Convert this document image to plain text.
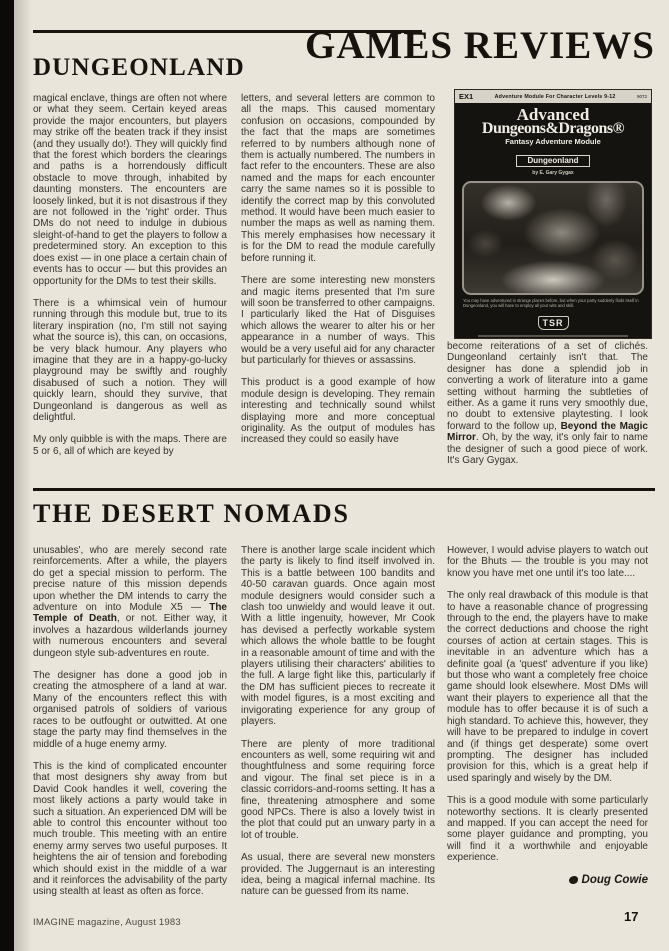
GAMES REVIEWS
DUNGEONLAND

magical enclave, things are often not where or what they seem. Certain keyed areas provide the major encounters, but players may strike off the beaten track if they insist (and they usually do!). They will quickly find that the forest which borders the clearings and paths is a horrendously difficult obstacle to move through, inhabited by daunting monsters. The encounters are loosely linked, but it is not disastrous if they are not followed in the 'right' order. Thus DMs do not need to indulge in dubious sleight-of-hand to get the players to follow a predetermined story. An exception to this does exist — in one place a certain chain of events has to occur — but this provides an opportunity for the DMs to test their skills.

There is a whimsical vein of humour running through this module but, true to its literary inspiration (no, I'm still not saying what the source is), this can, on occasions, be very black humour. Any players who imagine that they are in a happy-go-lucky playground may be swiftly and roughly disabused of such a notion. They will quickly learn, should they survive, that Dungeonland is dangerous as well as delightful.

My only quibble is with the maps. There are 5 or 6, all of which are keyed by

letters, and several letters are common to all the maps. This caused momentary confusion on occasions, compounded by the fact that the maps are sometimes referred to by numbers although none of them is actually numbered. The numbers in fact refer to the encounters. These are also named and the maps for each encounter carry the same names so it is possible to identify the correct map by this convoluted method. It would have been much easier to number the maps as well as naming them. This merely emphasises how necessary it is for the DM to read the module carefully before running it.

There are some interesting new monsters and magic items presented that I'm sure will soon be transferred to other campaigns. I particularly liked the Hat of Disguises which allows the wearer to alter his or her appearance in a number of ways. This would be a very useful aid for any character but particularly for thieves or assassins.

This product is a good example of how module design is developing. They remain interesting and technically sound whilst displaying more and more conceptual originality. As the output of modules has increased they could so easily have

EX1	Adventure Module For Character Levels 9-12	9072
Advanced
Dungeons&Dragons®
Fantasy Adventure Module
Dungeonland
by E. Gary Gygax
You may have adventured in strange places before, but when your party suddenly finds itself in
Dungeonland, you will have to employ all your wits and skill.
TSR

become reiterations of a set of clichés. Dungeonland certainly isn't that. The designer has done a splendid job in converting a work of literature into a game setting without harming the subtleties of either. As a game it runs very smoothly due, no doubt to extensive playtesting. I look forward to the follow up, Beyond the Magic Mirror. Oh, by the way, it's only fair to name the designer of such a good piece of work. It's Gary Gygax.

THE DESERT NOMADS

unusables', who are merely second rate reinforcements. After a while, the players do get a special mission to perform. The precise nature of this mission depends upon whether the DM intends to carry the adventure on into Module X5 — The Temple of Death, or not. Either way, it involves a hazardous wilderlands journey with numerous encounters and several dungeon style sub-adventures en route.

The designer has done a good job in creating the atmosphere of a land at war. Many of the encounters reflect this with organised patrols of soldiers of various races to be outfought or outwitted. At one stage the party may find themselves in the middle of a huge enemy army.

This is the kind of complicated encounter that most designers shy away from but David Cook handles it well, covering the most likely actions a party would take in such a situation. An experienced DM will be able to control this encounter without too much trouble. This meeting with an entire enemy army serves two useful purposes. It heightens the air of tension and foreboding which should exist in the middle of a war and it reinforces the advisability of the party using stealth at least as often as force.

There is another large scale incident which the party is likely to find itself involved in. This is a battle between 100 bandits and 40-50 caravan guards. Once again most module designers would consider such a clash too unwieldy and would leave it out. With a little ingenuity, however, Mr Cook has devised a perfectly workable system which allows the whole battle to be fought in a reasonable amount of time and with the players utilising their characters' abilities to the full. A large fight like this, particularly if the DM has sufficient pieces to recreate it with model figures, is a most exciting and invigorating experience for any group of players.

There are plenty of more traditional encounters as well, some requiring wit and thoughtfulness and some requiring force and vigour. The final set piece is in a classic corridors-and-rooms setting. It has a fine, threatening atmosphere and some good NPCs. There is also a lovely twist in the plot that could put an unwary party in a lot of trouble.

As usual, there are several new monsters provided. The Juggernaut is an interesting idea, being a magical infernal machine. Its nature can be guessed from its name.

However, I would advise players to watch out for the Bhuts — the trouble is you may not know you have met one until it's too late....

The only real drawback of this module is that to have a reasonable chance of progressing through to the end, the players have to make the correct deductions and choose the right courses of action at certain stages. This is inevitable in an adventure which has a definite goal (a 'quest' adventure if you like) but those who want a completely free choice game should look elsewhere. Most DMs will want their players to experience all that the module has to offer because it is of such a high standard. To achieve this, however, they will have to be prepared to indulge in covert and (if things get desperate) some overt prompting. The designer has included provision for this, which is a great help if used sparingly and wisely by the DM.

This is a good module with some particularly noteworthy sections. It is clearly presented and mapped. If you can accept the need for some player guidance and prompting, you will find it a worthwhile and enjoyable experience.

Doug Cowie
IMAGINE magazine, August 1983	17
